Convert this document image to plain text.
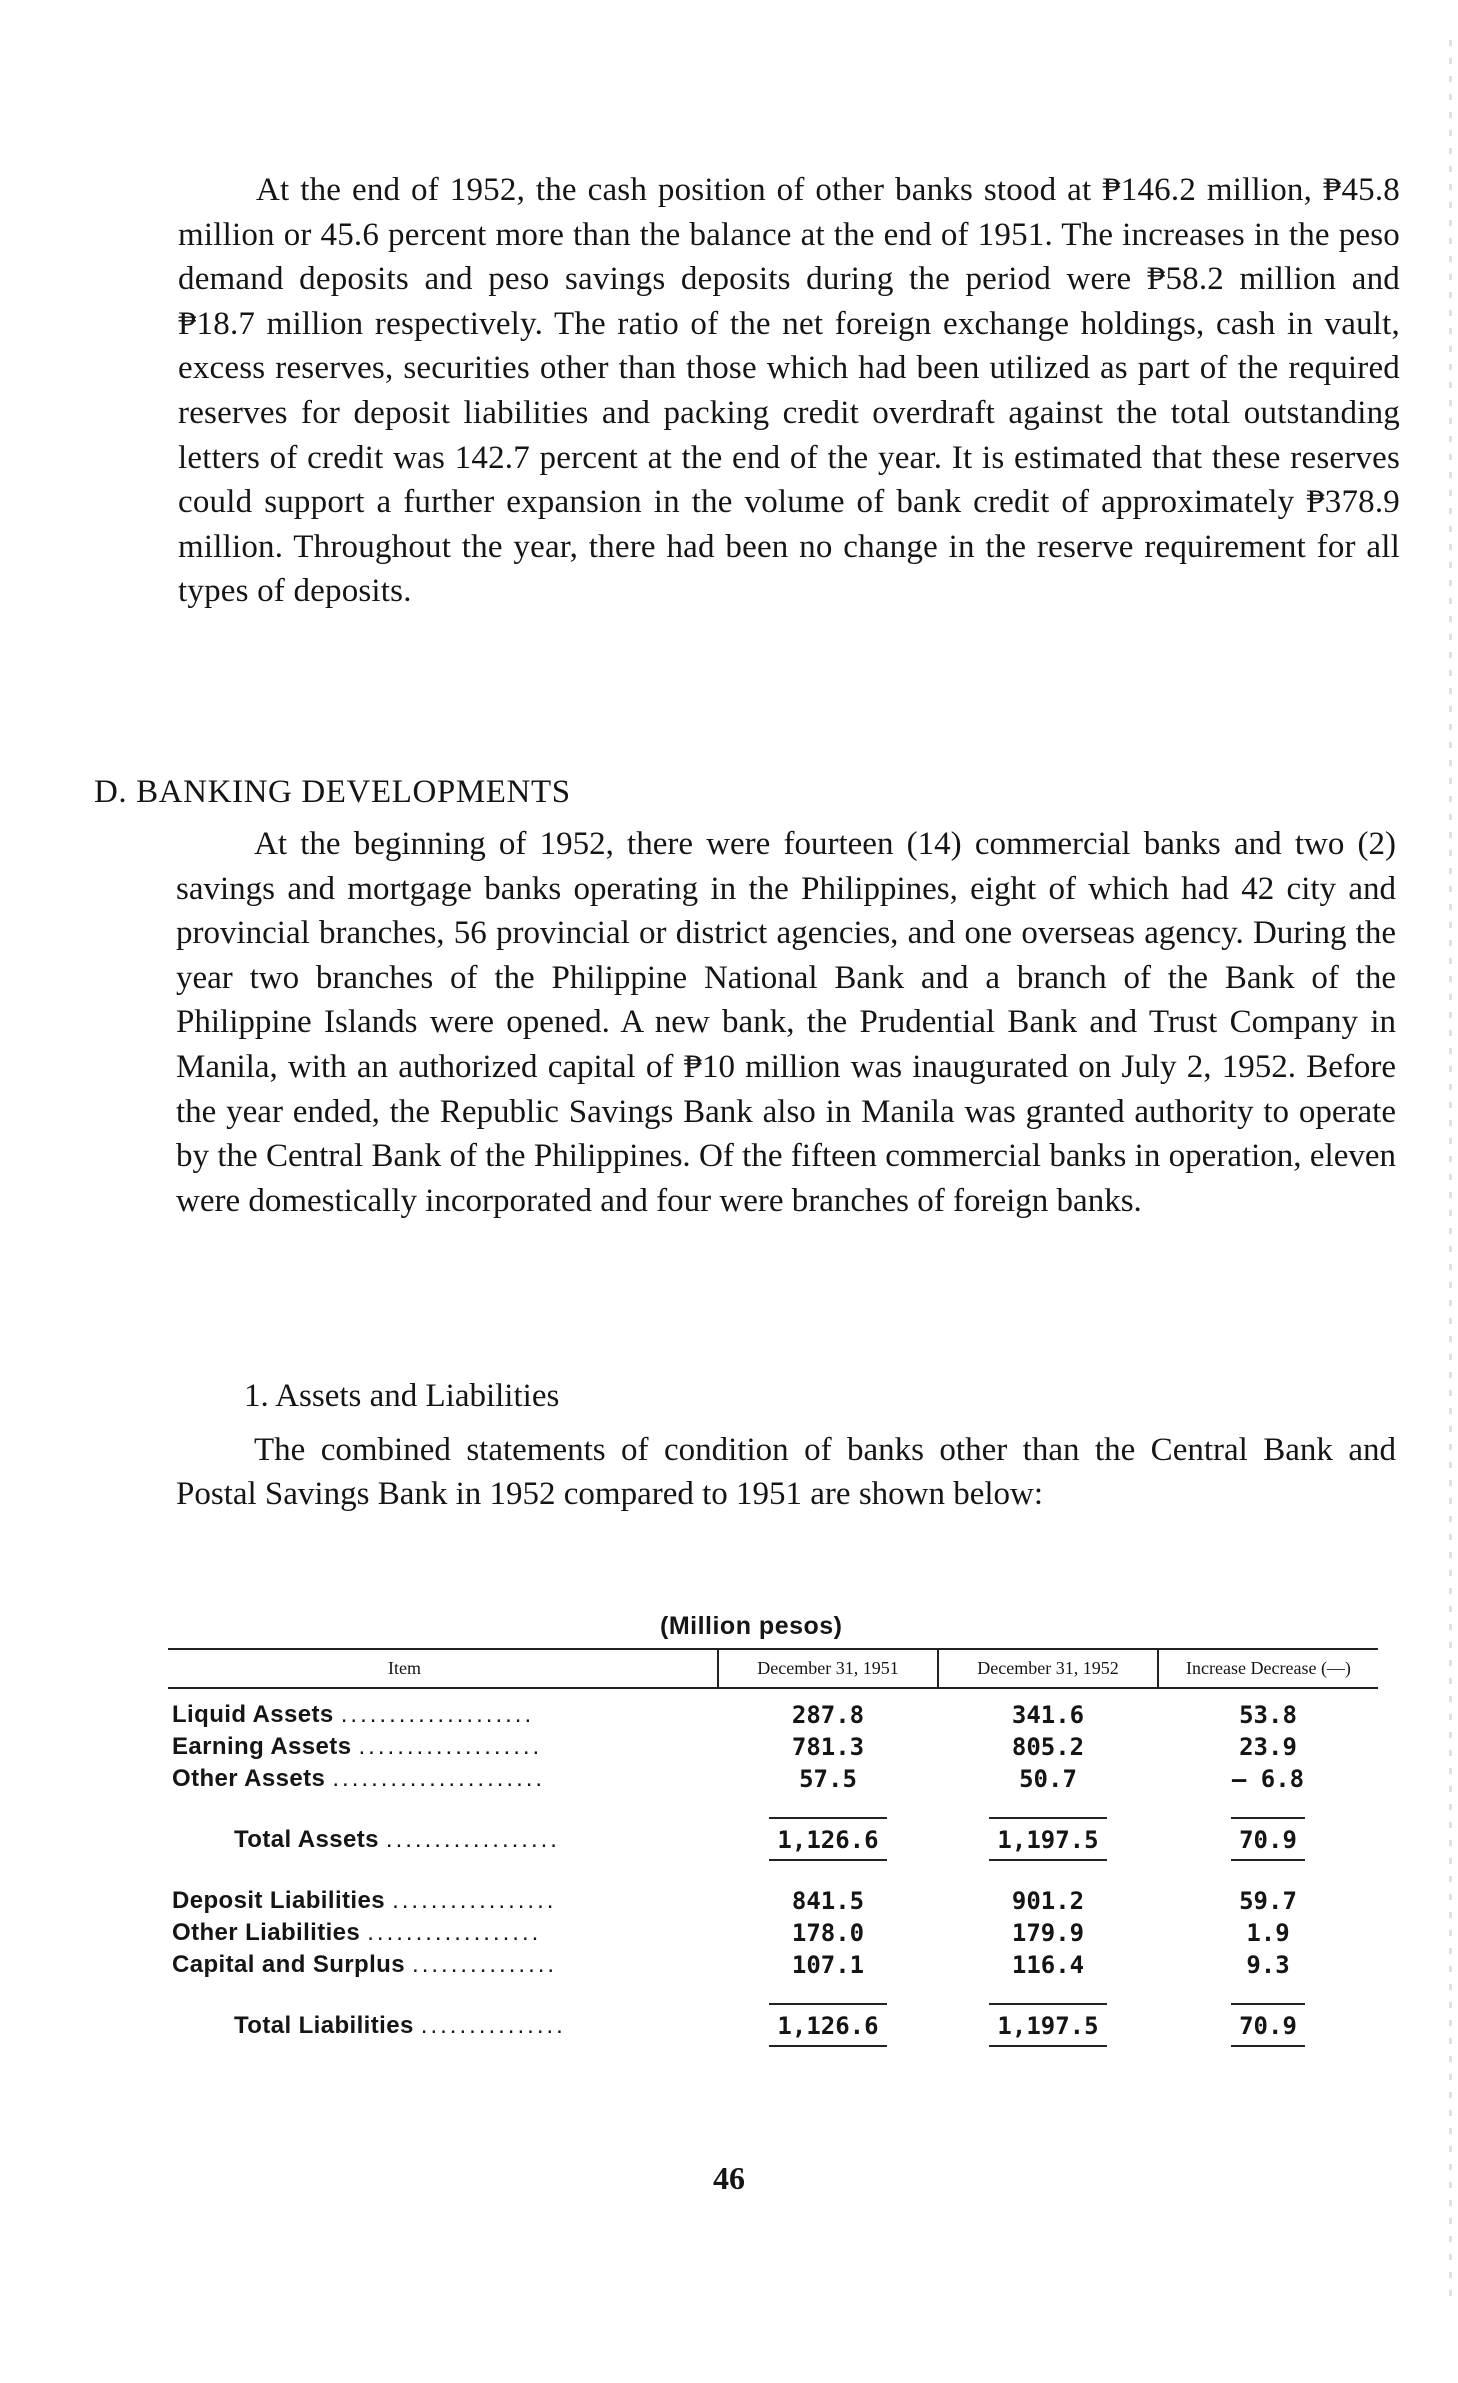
At the end of 1952, the cash position of other banks stood at ₱146.2 million, ₱45.8 million or 45.6 percent more than the balance at the end of 1951. The increases in the peso demand deposits and peso savings deposits during the period were ₱58.2 million and ₱18.7 million respectively. The ratio of the net foreign exchange holdings, cash in vault, excess reserves, securities other than those which had been utilized as part of the required reserves for deposit liabilities and packing credit overdraft against the total outstanding letters of credit was 142.7 percent at the end of the year. It is estimated that these reserves could support a further expansion in the volume of bank credit of approximately ₱378.9 million. Throughout the year, there had been no change in the reserve requirement for all types of deposits.

D. BANKING DEVELOPMENTS

At the beginning of 1952, there were fourteen (14) commercial banks and two (2) savings and mortgage banks operating in the Philippines, eight of which had 42 city and provincial branches, 56 provincial or district agencies, and one overseas agency. During the year two branches of the Philippine National Bank and a branch of the Bank of the Philippine Islands were opened. A new bank, the Prudential Bank and Trust Company in Manila, with an authorized capital of ₱10 million was inaugurated on July 2, 1952. Before the year ended, the Republic Savings Bank also in Manila was granted authority to operate by the Central Bank of the Philippines. Of the fifteen commercial banks in operation, eleven were domestically incorporated and four were branches of foreign banks.

1. Assets and Liabilities

The combined statements of condition of banks other than the Central Bank and Postal Savings Bank in 1952 compared to 1951 are shown below:

(Million pesos)
Item	December 31, 1951	December 31, 1952	Increase Decrease (—)
Liquid Assets ....................	287.8	341.6	53.8
Earning Assets ...................	781.3	805.2	23.9
Other Assets ......................	57.5	50.7	— 6.8

Total Assets ..................	1,126.6	1,197.5	70.9

Deposit Liabilities .................	841.5	901.2	59.7
Other Liabilities ..................	178.0	179.9	1.9
Capital and Surplus ...............	107.1	116.4	9.3

Total Liabilities ...............	1,126.6	1,197.5	70.9
46
